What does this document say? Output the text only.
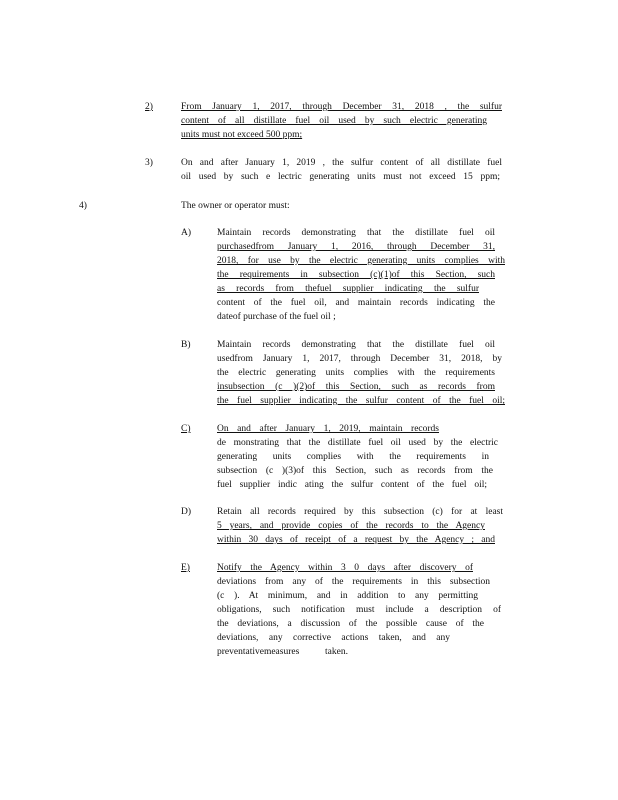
2)	From January 1, 2017, through December 31, 2018 , the sulfur
content of all distillate fuel oil used by such electric generating
units must not exceed 500 ppm;
3)	On and after January 1, 2019 , the sulfur content of all distillate fuel
oil used by such e lectric generating units must not exceed 15 ppm;
4)	The owner or operator must:
A)	Maintain records demonstrating that the distillate fuel oil
purchasedfrom January 1, 2016, through December 31,
2018, for use by the electric generating units complies with
the requirements in subsection (c)(1)of this Section, such
as records from thefuel supplier indicating the sulfur
content of the fuel oil, and maintain records indicating the
dateof purchase of the fuel oil ;
B)	Maintain records demonstrating that the distillate fuel oil
usedfrom January 1, 2017, through December 31, 2018, by
the electric generating units complies with the requirements
insubsection (c )(2)of this Section, such as records from
the fuel supplier indicating the sulfur content of the fuel oil;
C)	On and after January 1, 2019, maintain records
de monstrating that the distillate fuel oil used by the electric
generating units complies with the requirements in
subsection (c )(3)of this Section, such as records from the
fuel supplier indic ating the sulfur content of the fuel oil;
D)	Retain all records required by this subsection (c) for at least
5 years, and provide copies of the records to the Agency
within 30 days of receipt of a request by the Agency ; and
E)	Notify the Agency within 3 0 days after discovery of
deviations from any of the requirements in this subsection
(c ). At minimum, and in addition to any permitting
obligations, such notification must include a description of
the deviations, a discussion of the possible cause of the
deviations, any corrective actions taken, and any
preventativemeasures taken.
